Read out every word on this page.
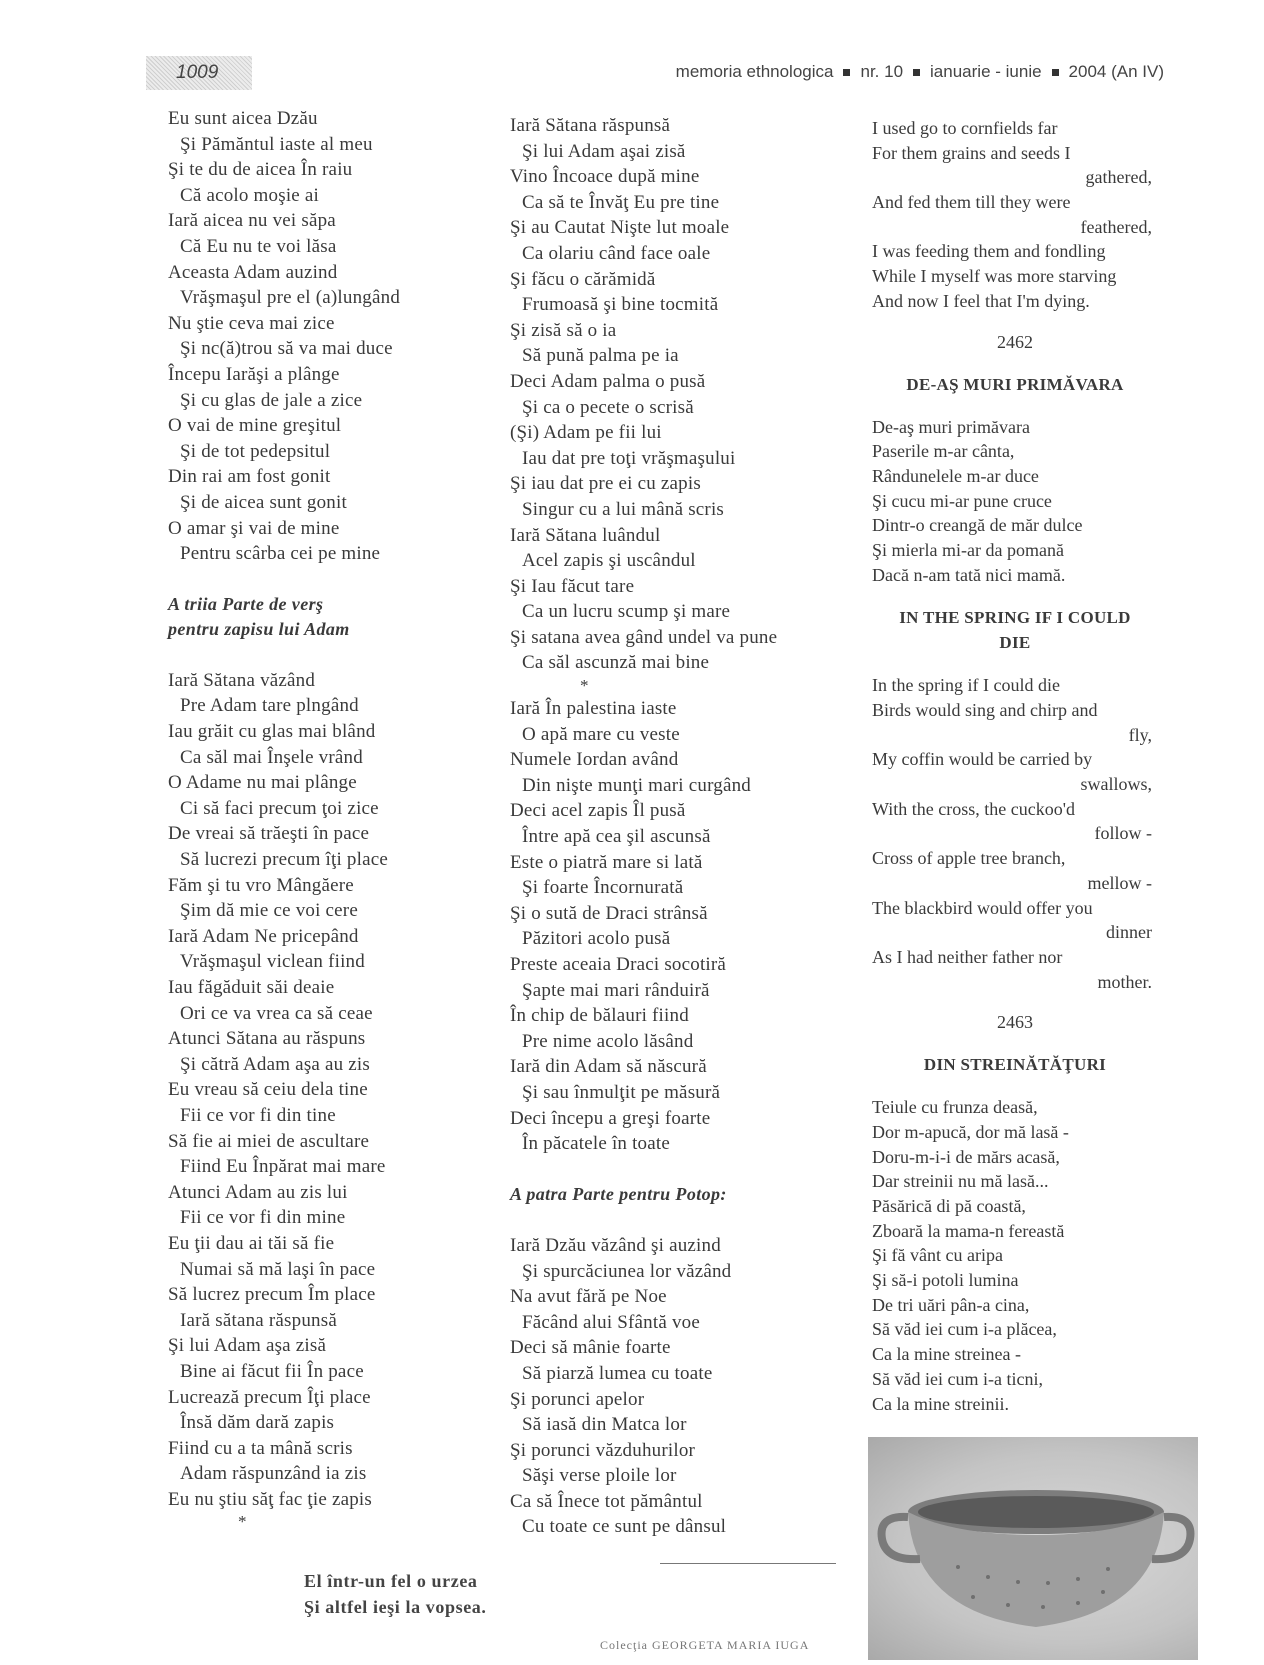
1009	memoria ethnologica nr. 10 ianuarie - iunie 2004 (An IV)
Eu sunt aicea Dzău
Şi Pămăntul iaste al meu
Şi te du de aicea În raiu
Că acolo moşie ai
Iară aicea nu vei săpa
Că Eu nu te voi lăsa
Aceasta Adam auzind
Vrăşmaşul pre el (a)lungând
Nu ştie ceva mai zice
Şi nc(ă)trou să va mai duce
Începu Iarăşi a plânge
Şi cu glas de jale a zice
O vai de mine greşitul
Şi de tot pedepsitul
Din rai am fost gonit
Şi de aicea sunt gonit
O amar şi vai de mine
Pentru scârba cei pe mine
A triia Parte de verş
pentru zapisu lui Adam
Iară Sătana văzând
Pre Adam tare plngând
Iau grăit cu glas mai blând
Ca săl mai Înşele vrând
O Adame nu mai plânge
Ci să faci precum ţoi zice
De vreai să trăeşti în pace
Să lucrezi precum îţi place
Făm şi tu vro Mângăere
Şim dă mie ce voi cere
Iară Adam Ne pricepând
Vrăşmaşul viclean fiind
Iau făgăduit săi deaie
Ori ce va vrea ca să ceae
Atunci Sătana au răspuns
Şi cătră Adam aşa au zis
Eu vreau să ceiu dela tine
Fii ce vor fi din tine
Să fie ai miei de ascultare
Fiind Eu Înpărat mai mare
Atunci Adam au zis lui
Fii ce vor fi din mine
Eu ţii dau ai tăi să fie
Numai să mă laşi în pace
Să lucrez precum Îm place
Iară sătana răspunsă
Şi lui Adam aşa zisă
Bine ai făcut fii În pace
Lucrează precum Îţi place
Însă dăm dară zapis
Fiind cu a ta mână scris
Adam răspunzând ia zis
Eu nu ştiu săţ fac ţie zapis
*
Iară Sătana răspunsă
Şi lui Adam aşai zisă
Vino Încoace după mine
Ca să te Învăţ Eu pre tine
Şi au Cautat Nişte lut moale
Ca olariu când face oale
Şi făcu o cărămidă
Frumoasă şi bine tocmită
Şi zisă să o ia
Să pună palma pe ia
Deci Adam palma o pusă
Şi ca o pecete o scrisă
(Şi) Adam pe fii lui
Iau dat pre toţi vrăşmaşului
Şi iau dat pre ei cu zapis
Singur cu a lui mână scris
Iară Sătana luândul
Acel zapis şi uscândul
Şi Iau făcut tare
Ca un lucru scump şi mare
Şi satana avea gând undel va pune
Ca săl ascunză mai bine
*
Iară În palestina iaste
O apă mare cu veste
Numele Iordan având
Din nişte munţi mari curgând
Deci acel zapis Îl pusă
Între apă cea şil ascunsă
Este o piatră mare si lată
Şi foarte Încornurată
Şi o sută de Draci strânsă
Păzitori acolo pusă
Preste aceaia Draci socotiră
Şapte mai mari rânduiră
În chip de bălauri fiind
Pre nime acolo lăsând
Iară din Adam să născură
Şi sau înmulţit pe măsură
Deci începu a greşi foarte
În păcatele în toate
A patra Parte pentru Potop:
Iară Dzău văzând şi auzind
Şi spurcăciunea lor văzând
Na avut fără pe Noe
Făcând alui Sfântă voe
Deci să mânie foarte
Să piarză lumea cu toate
Şi porunci apelor
Să iasă din Matca lor
Şi porunci văzduhurilor
Săşi verse ploile lor
Ca să Înece tot pământul
Cu toate ce sunt pe dânsul
I used go to cornfields far
For them grains and seeds I
gathered,
And fed them till they were
feathered,
I was feeding them and fondling
While I myself was more starving
And now I feel that I'm dying.
2462
DE-AŞ MURI PRIMĂVARA
De-aş muri primăvara
Paserile m-ar cânta,
Rândunelele m-ar duce
Şi cucu mi-ar pune cruce
Dintr-o creangă de măr dulce
Şi mierla mi-ar da pomană
Dacă n-am tată nici mamă.
IN THE SPRING IF I COULD
DIE
In the spring if I could die
Birds would sing and chirp and
fly,
My coffin would be carried by
swallows,
With the cross, the cuckoo'd
follow -
Cross of apple tree branch,
mellow -
The blackbird would offer you
dinner
As I had neither father nor
mother.
2463
DIN STREINĂTĂŢURI
Teiule cu frunza deasă,
Dor m-apucă, dor mă lasă -
Doru-m-i-i de mărs acasă,
Dar streinii nu mă lasă...
Păsărică di pă coastă,
Zboară la mama-n fereastă
Şi fă vânt cu aripa
Şi să-i potoli lumina
De tri uări pân-a cina,
Să văd iei cum i-a plăcea,
Ca la mine streinea -
Să văd iei cum i-a ticni,
Ca la mine streinii.
El într-un fel o urzea
Şi altfel ieşi la vopsea.
Colecţia GEORGETA MARIA IUGA
